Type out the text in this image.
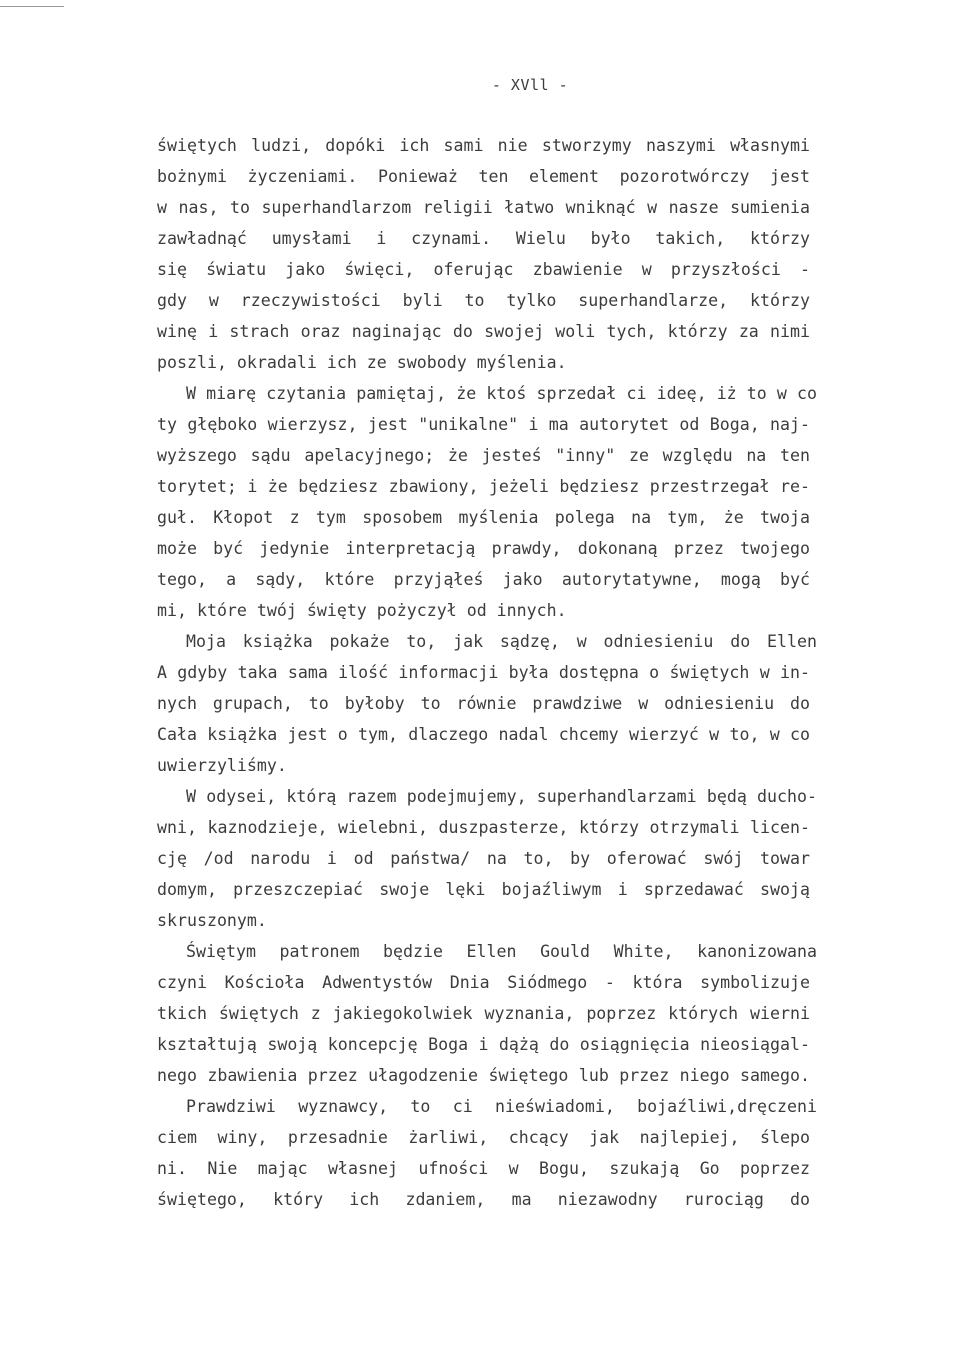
- XVll -
świętych ludzi, dopóki ich sami nie stworzymy naszymi własnymi
bożnymi życzeniami. Ponieważ ten element pozorotwórczy jest
w nas, to superhandlarzom religii łatwo wniknąć w nasze sumienia
zawładnąć umysłami i czynami. Wielu było takich, którzy
się światu jako święci, oferując zbawienie w przyszłości -
gdy w rzeczywistości byli to tylko superhandlarze, którzy
winę i strach oraz naginając do swojej woli tych, którzy za nimi
poszli, okradali ich ze swobody myślenia.
W miarę czytania pamiętaj, że ktoś sprzedał ci ideę, iż to w co
ty głęboko wierzysz, jest "unikalne" i ma autorytet od Boga, naj-
wyższego sądu apelacyjnego; że jesteś "inny" ze względu na ten
torytet; i że będziesz zbawiony, jeżeli będziesz przestrzegał re-
guł. Kłopot z tym sposobem myślenia polega na tym, że twoja
może być jedynie interpretacją prawdy, dokonaną przez twojego
tego, a sądy, które przyjąłeś jako autorytatywne, mogą być
mi, które twój święty pożyczył od innych.
Moja książka pokaże to, jak sądzę, w odniesieniu do Ellen
A gdyby taka sama ilość informacji była dostępna o świętych w in-
nych grupach, to byłoby to równie prawdziwe w odniesieniu do
Cała książka jest o tym, dlaczego nadal chcemy wierzyć w to, w co
uwierzyliśmy.
W odysei, którą razem podejmujemy, superhandlarzami będą ducho-
wni, kaznodzieje, wielebni, duszpasterze, którzy otrzymali licen-
cję /od narodu i od państwa/ na to, by oferować swój towar
domym, przeszczepiać swoje lęki bojaźliwym i sprzedawać swoją
skruszonym.
Świętym patronem będzie Ellen Gould White, kanonizowana
czyni Kościoła Adwentystów Dnia Siódmego - która symbolizuje
tkich świętych z jakiegokolwiek wyznania, poprzez których wierni
kształtują swoją koncepcję Boga i dążą do osiągnięcia nieosiągal-
nego zbawienia przez ułagodzenie świętego lub przez niego samego.
Prawdziwi wyznawcy, to ci nieświadomi, bojaźliwi,dręczeni
ciem winy, przesadnie żarliwi, chcący jak najlepiej, ślepo
ni. Nie mając własnej ufności w Bogu, szukają Go poprzez
świętego, który ich zdaniem, ma niezawodny rurociąg do
